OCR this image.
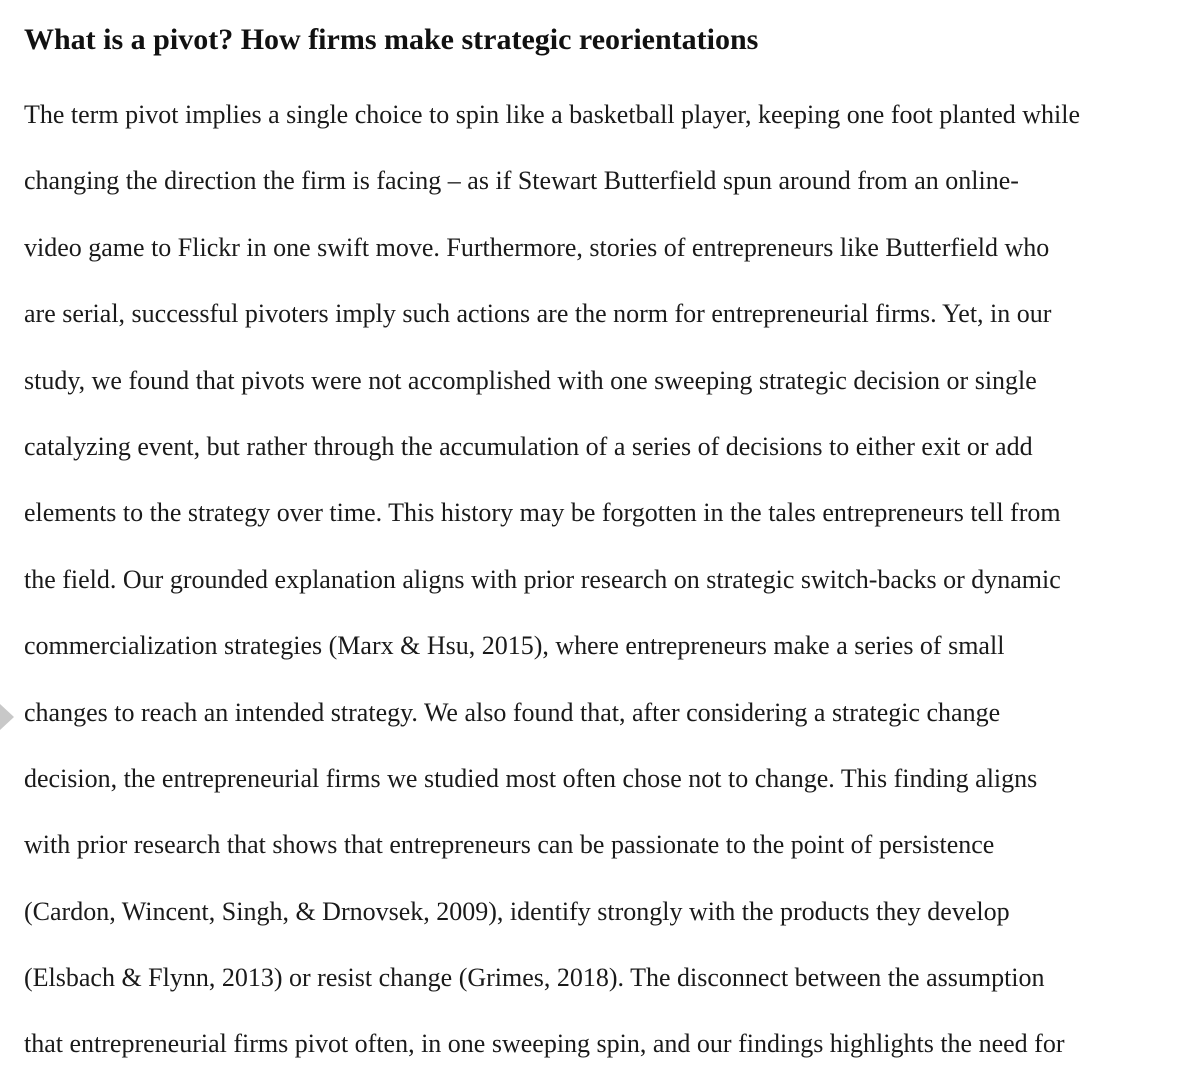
What is a pivot? How firms make strategic reorientations
The term pivot implies a single choice to spin like a basketball player, keeping one foot planted while
changing the direction the firm is facing – as if Stewart Butterfield spun around from an online-
video game to Flickr in one swift move. Furthermore, stories of entrepreneurs like Butterfield who
are serial, successful pivoters imply such actions are the norm for entrepreneurial firms. Yet, in our
study, we found that pivots were not accomplished with one sweeping strategic decision or single
catalyzing event, but rather through the accumulation of a series of decisions to either exit or add
elements to the strategy over time. This history may be forgotten in the tales entrepreneurs tell from
the field. Our grounded explanation aligns with prior research on strategic switch-backs or dynamic
commercialization strategies (Marx & Hsu, 2015), where entrepreneurs make a series of small
changes to reach an intended strategy. We also found that, after considering a strategic change
decision, the entrepreneurial firms we studied most often chose not to change. This finding aligns
with prior research that shows that entrepreneurs can be passionate to the point of persistence
(Cardon, Wincent, Singh, & Drnovsek, 2009), identify strongly with the products they develop
(Elsbach & Flynn, 2013) or resist change (Grimes, 2018). The disconnect between the assumption
that entrepreneurial firms pivot often, in one sweeping spin, and our findings highlights the need for
